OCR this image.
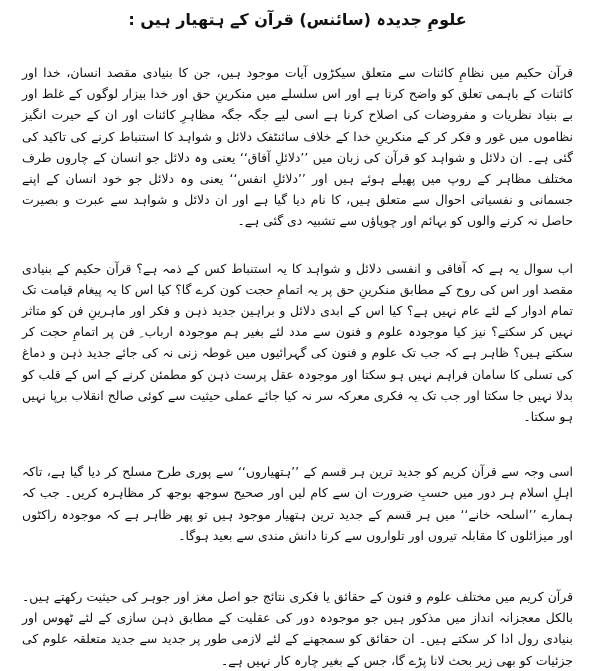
علومِ جدیدہ (سائنس) قرآن کے ہتھیار ہیں :
قرآن حکیم میں نظامِ کائنات سے متعلق سیکڑوں آیات موجود ہیں، جن کا بنیادی مقصد انسان، خدا اور کائنات کے باہمی تعلق کو واضح کرنا ہے اور اس سلسلے میں منکرینِ حق اور خدا بیزار لوگوں کے غلط اور بے بنیاد نظریات و مفروضات کی اصلاح کرنا ہے اسی لیے جگہ جگہ مظاہرِ کائنات اور ان کے حیرت انگیز نظاموں میں غور و فکر کر کے منکرینِ خدا کے خلاف سائنٹفک دلائل و شواہد کا استنباط کرنے کی تاکید کی گئی ہے۔ ان دلائل و شواہد کو قرآن کی زبان میں ’’دلائلِ آفاق‘‘ یعنی وہ دلائل جو انسان کے چاروں طرف مختلف مظاہر کے روپ میں پھیلے ہوئے ہیں اور ’’دلائلِ انفس‘‘ یعنی وہ دلائل جو خود انسان کے اپنے جسمانی و نفسیاتی احوال سے متعلق ہیں، کا نام دیا گیا ہے اور ان دلائل و شواہد سے عبرت و بصیرت حاصل نہ کرنے والوں کو بہائم اور چوپاؤں سے تشبیہ دی گئی ہے۔
اب سوال یہ ہے کہ آفاقی و انفسی دلائل و شواہد کا یہ استنباط کس کے ذمہ ہے؟ قرآن حکیم کے بنیادی مقصد اور اس کی روح کے مطابق منکرینِ حق پر یہ اتمامِ حجت کون کرے گا؟ کیا اس کا یہ پیغام قیامت تک تمام ادوار کے لئے عام نہیں ہے؟ کیا اس کے ابدی دلائل و براہین جدید ذہن و فکر اور ماہرینِ فن کو متاثر نہیں کر سکتے؟ نیز کیا موجودہ علوم و فنون سے مدد لئے بغیر ہم موجودہ ارباب ِ فن پر اتمامِ حجت کر سکتے ہیں؟ ظاہر ہے کہ جب تک علوم و فنون کی گہرائیوں میں غوطہ زنی نہ کی جائے جدید ذہن و دماغ کی تسلی کا سامان فراہم نہیں ہو سکتا اور موجودہ عقل پرست ذہن کو مطمئن کرنے کے اس کے قلب کو بدلا نہیں جا سکتا اور جب تک یہ فکری معرکہ سر نہ کیا جائے عملی حیثیت سے کوئی صالح انقلاب برپا نہیں ہو سکتا۔
اسی وجہ سے قرآن کریم کو جدید ترین ہر قسم کے ’’ہتھیاروں‘‘ سے پوری طرح مسلح کر دیا گیا ہے، تاکہ اہلِ اسلام ہر دور میں حسبِ ضرورت ان سے کام لیں اور صحیح سوجھ بوجھ کر مظاہرہ کریں۔ جب کہ ہمارے ’’اسلحہ خانے‘‘ میں ہر قسم کے جدید ترین ہتھیار موجود ہیں تو پھر ظاہر ہے کہ موجودہ راکٹوں اور میزائلوں کا مقابلہ تیروں اور تلواروں سے کرنا دانش مندی سے بعید ہوگا۔
قرآن کریم میں مختلف علوم و فنون کے حقائق یا فکری نتائج جو اصل مغز اور جوہر کی حیثیت رکھتے ہیں۔ بالکل معجزانہ انداز میں مذکور ہیں جو موجودہ دور کی عقلیت کے مطابق ذہن سازی کے لئے ٹھوس اور بنیادی رول ادا کر سکتے ہیں۔ ان حقائق کو سمجھنے کے لئے لازمی طور پر جدید سے جدید متعلقہ علوم کی جزئیات کو بھی زیر بحث لانا پڑے گا، جس کے بغیر چارہ کار نہیں ہے۔
